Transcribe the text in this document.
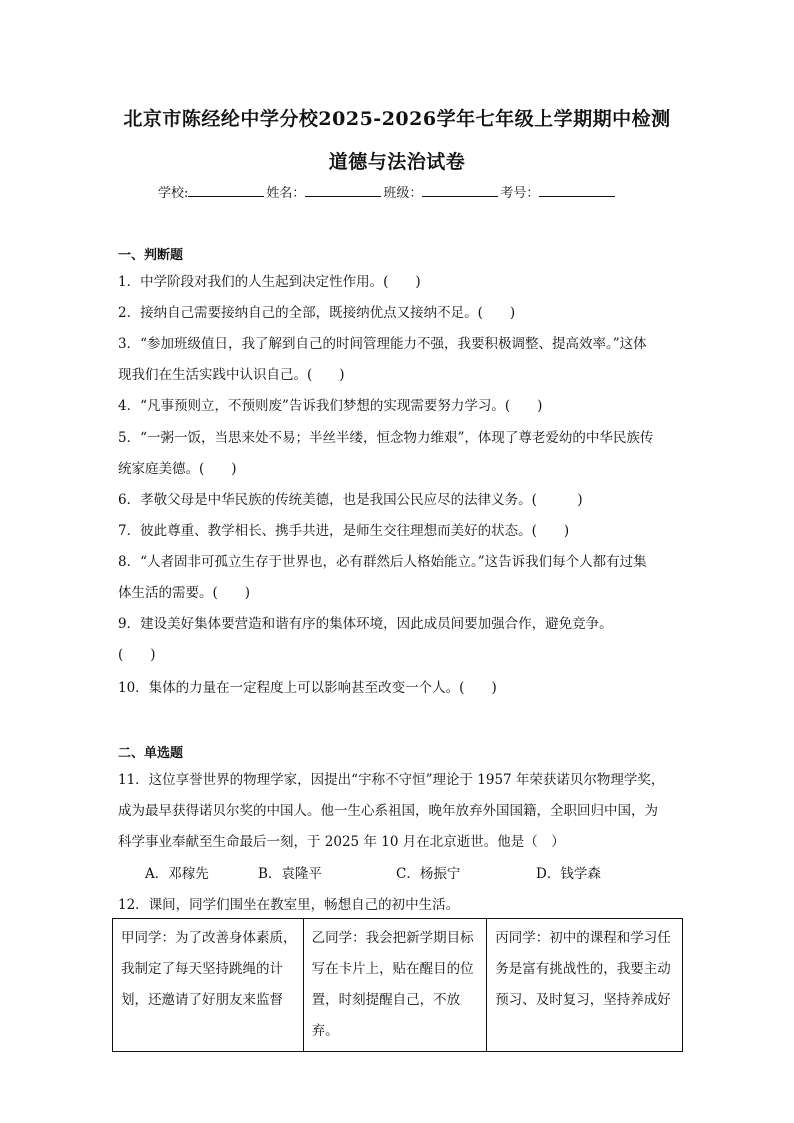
北京市陈经纶中学分校2025-2026学年七年级上学期期中检测
道德与法治试卷
学校:	姓名：	班级：	考号：
一、判断题
1．中学阶段对我们的人生起到决定性作用。(　　)
2．接纳自己需要接纳自己的全部，既接纳优点又接纳不足。(　　)
3．“参加班级值日，我了解到自己的时间管理能力不强，我要积极调整、提高效率。”这体
现我们在生活实践中认识自己。(　　)
4．“凡事预则立，不预则废”告诉我们梦想的实现需要努力学习。(　　)
5．“一粥一饭，当思来处不易；半丝半缕，恒念物力维艰”，体现了尊老爱幼的中华民族传
统家庭美德。(　　)
6．孝敬父母是中华民族的传统美德，也是我国公民应尽的法律义务。(　　　)
7．彼此尊重、教学相长、携手共进，是师生交往理想而美好的状态。(　　)
8．“人者固非可孤立生存于世界也，必有群然后人格始能立。”这告诉我们每个人都有过集
体生活的需要。(　　)
9．建设美好集体要营造和谐有序的集体环境，因此成员间要加强合作，避免竞争。
(　　)
10．集体的力量在一定程度上可以影响甚至改变一个人。(　　)
二、单选题
11．这位享誉世界的物理学家，因提出“宇称不守恒”理论于 1957 年荣获诺贝尔物理学奖，
成为最早获得诺贝尔奖的中国人。他一生心系祖国，晚年放弃外国国籍，全职回归中国，为
科学事业奉献至生命最后一刻，于 2025 年 10 月在北京逝世。他是（　）
A．邓稼先	B．袁隆平	C．杨振宁	D．钱学森
12．课间，同学们围坐在教室里，畅想自己的初中生活。
甲同学：为了改善身体素质，
我制定了每天坚持跳绳的计
划，还邀请了好朋友来监督

乙同学：我会把新学期目标
写在卡片上，贴在醒目的位
置，时刻提醒自己，不放弃。

丙同学：初中的课程和学习任
务是富有挑战性的，我要主动
预习、及时复习，坚持养成好
